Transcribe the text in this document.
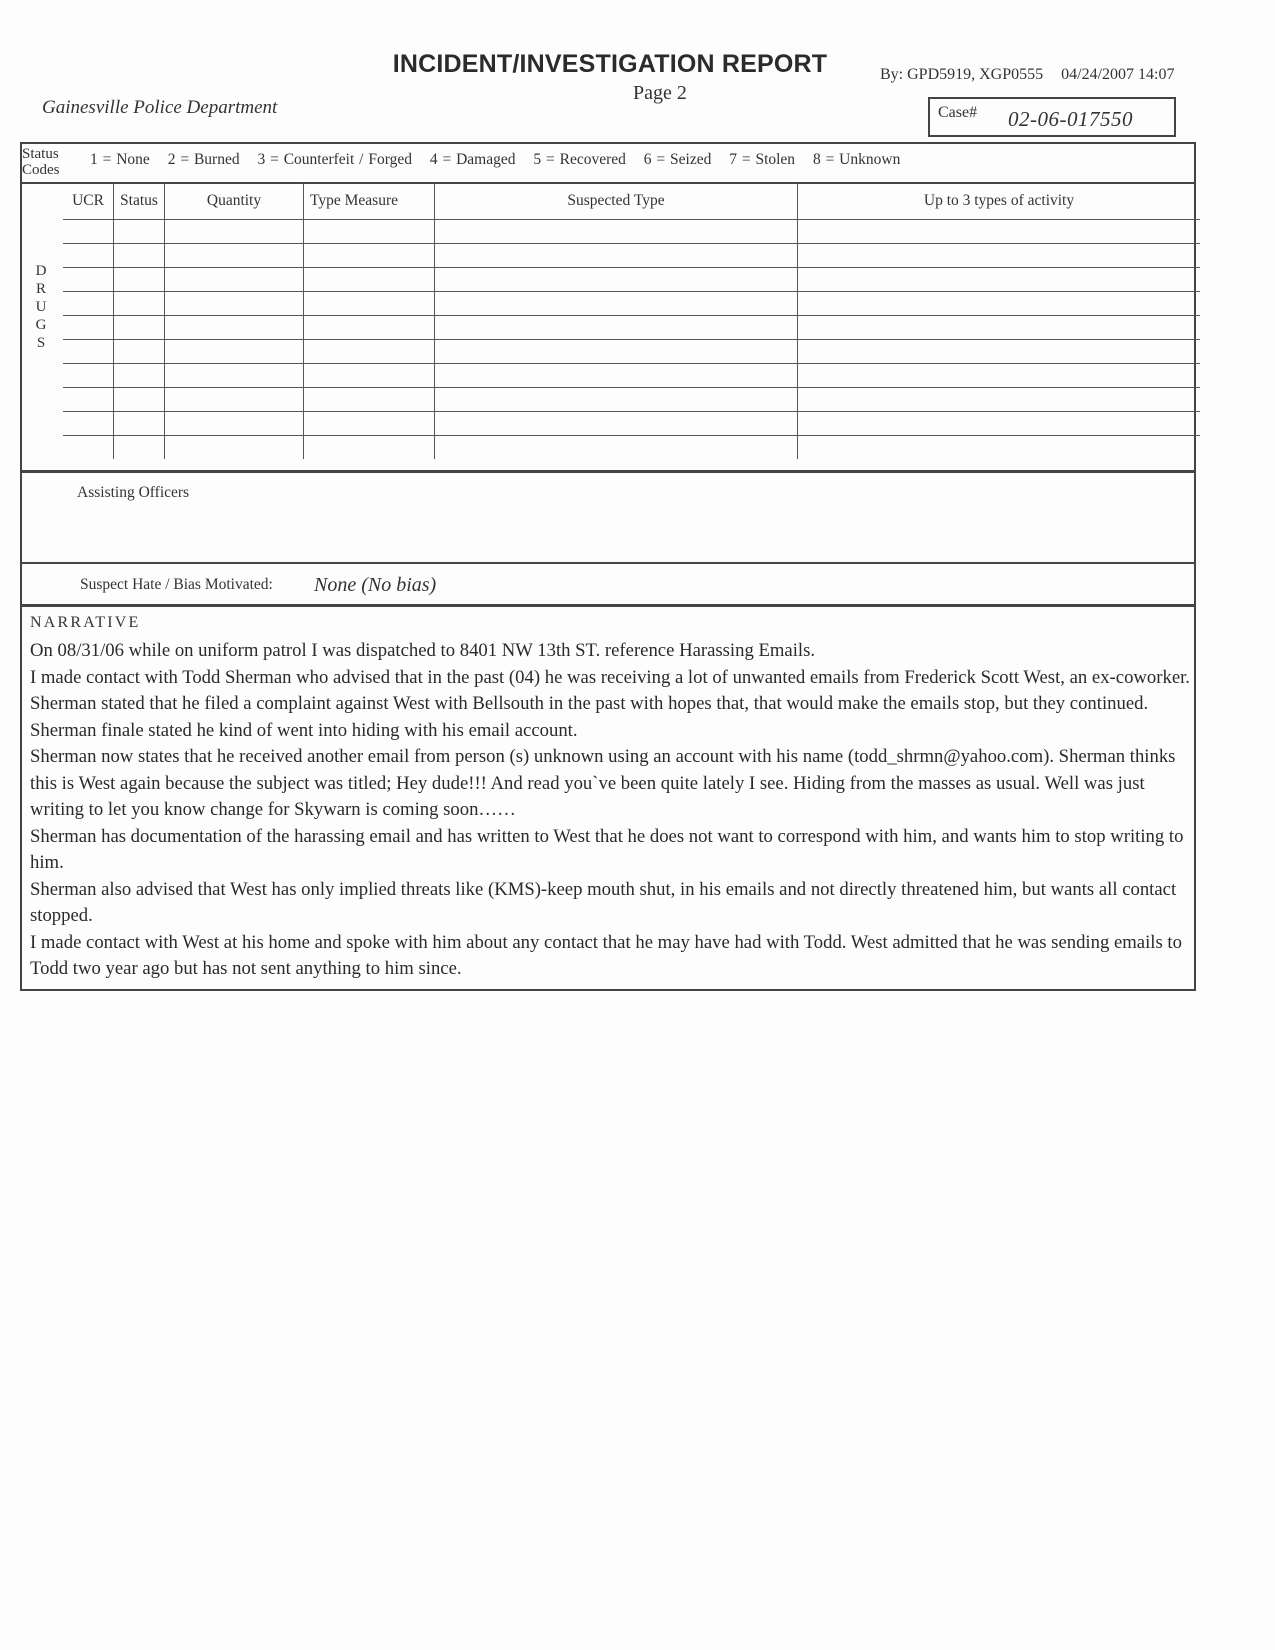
INCIDENT/INVESTIGATION REPORT
Page 2
Gainesville Police Department
By: GPD5919, XGP0555 04/24/2007 14:07
Case# 02-06-017550
Status
Codes
1 = None 2 = Burned 3 = Counterfeit / Forged 4 = Damaged 5 = Recovered 6 = Seized 7 = Stolen 8 = Unknown
D
R
U
G
S
UCR	Status	Quantity	Type Measure	Suspected Type	Up to 3 types of activity

Assisting Officers
Suspect Hate / Bias Motivated: None (No bias)
NARRATIVE

On 08/31/06 while on uniform patrol I was dispatched to 8401 NW 13th ST. reference Harassing Emails.

I made contact with Todd Sherman who advised that in the past (04) he was receiving a lot of unwanted emails from Frederick Scott West, an ex-coworker. Sherman stated that he filed a complaint against West with Bellsouth in the past with hopes that, that would make the emails stop, but they continued. Sherman finale stated he kind of went into hiding with his email account.

Sherman now states that he received another email from person (s) unknown using an account with his name (todd_shrmn@yahoo.com). Sherman thinks this is West again because the subject was titled; Hey dude!!! And read you`ve been quite lately I see. Hiding from the masses as usual. Well was just writing to let you know change for Skywarn is coming soon……

Sherman has documentation of the harassing email and has written to West that he does not want to correspond with him, and wants him to stop writing to him.

Sherman also advised that West has only implied threats like (KMS)-keep mouth shut, in his emails and not directly threatened him, but wants all contact stopped.

I made contact with West at his home and spoke with him about any contact that he may have had with Todd. West admitted that he was sending emails to Todd two year ago but has not sent anything to him since.
